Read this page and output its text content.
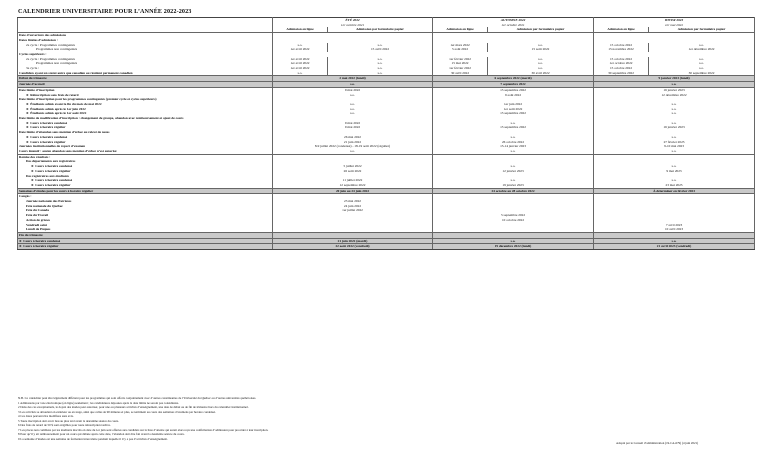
CALENDRIER UNIVERSITAIRE POUR L’ANNÉE 2022-2023
	ÉTÉ 2022		AUTOMNE 2022		HIVER 2023	
	1er octobre 2021		1er octobre 2021		1er mai 2022	
	Admission en ligne	Admission par formulaire papier	Admission en ligne	Admission par formulaire papier	Admission en ligne	Admission par formulaire papier
Date d’ouverture des admissions						
Dates limites d’admission :						
2e cycle : Programmes contingentés	s.o.	s.o.	1er mars 2022	s.o.	15 octobre 2022	s.o.
Programmes non contingentés	1er avril 2022	15 avril 2022	5 août 2022	15 août 2022	15 novembre 2022	1er décembre 2022
Cycles supérieurs :						
2e cycle : Programmes contingentés	1er avril 2022	s.o.	1er février 2022	s.o.	15 octobre 2022	s.o.
Programmes non contingentés	1er avril 2022	s.o.	15 mai 2022	s.o.	1er octobre 2022	s.o.
3e cycle :	1er avril 2022	s.o.	1er février 2022	s.o.	15 octobre 2022	s.o.
Candidats ayant un statut autre que canadien ou résident permanent canadien	s.o.	s.o.	30 avril 2022	30 avril 2022	30 septembre 2022	30 septembre 2022
Début du trimestre	2 mai 2022 (lundi)		6 septembre 2022 (mardi)		9 janvier 2023 (lundi)	
Journée d’accueil	s.o.		7 septembre 2022		s.o.	
Date limite d’inscription	9 mai 2022		13 septembre 2022		16 janvier 2023	
► Réinscription sans frais de retard	s.o.		9 août 2022		12 décembre 2022	
Date limite d’inscription pour les programmes contingentés (premier cycle et cycles supérieurs)						
► Étudiants admis avant la fin du mois de mai 2022	s.o.		1er juin 2022		s.o.	
► Étudiants admis après le 1er juin 2022	s.o.		1er août 2022		s.o.	
► Étudiants admis après le 1er août 2022	s.o.		13 septembre 2022		s.o.	
Date limite de modification d’inscription : changement de groupe, abandon avec remboursement et ajout de cours						
► Cours à horaire condensé	9 mai 2022		s.o.		s.o.	
► Cours à horaire régulier	9 mai 2022		13 septembre 2022		16 janvier 2023	
Date limite d’abandon sans mention d’échec au relevé de notes						
► Cours à horaire condensé	26 mai 2022		s.o.		s.o.	
► Cours à horaire régulier	21 juin 2022		26 octobre 2022		27 février 2023	
Journées institutionnelles de report d’examen	8-9 juillet 2022 (condensé) - 18-19 août 2022 (régulier)		13-14 janvier 2023		9-10 mai 2023	
Cours intensif : aucun abandon sans mention d’échec n’est autorisé	s.o.		s.o.		s.o.	
Remise des résultats :						
Des départements aux registraires						
► Cours à horaire condensé	5 juillet 2022		s.o.		s.o.	
► Cours à horaire régulier	26 août 2022		12 janvier 2023		9 mai 2023	
Des registraires aux étudiants						
► Cours à horaire condensé	11 juillet 2022		s.o.		s.o.	
► Cours à horaire régulier	12 septembre 2022		19 janvier 2023		23 mai 2023	
Semaines d’études pour les cours à horaire régulier	20 juin au 24 juin 2022		24 octobre au 28 octobre 2022		À déterminer en février 2023	
Congés :						
Journée nationale des Patriotes	23 mai 2022					
Fête nationale du Québec	24 juin 2022					
Fête du Canada	1er juillet 2022					
Fête du Travail			5 septembre 2022			
Action de grâces			10 octobre 2022			
Vendredi saint					7 avril 2023	
Lundi de Pâques					10 avril 2023	
Fin du trimestre						
► Cours à horaire condensé	21 juin 2022 (mardi)		s.o.		s.o.	
► Cours à horaire régulier	22 août 2022 (vendredi)		19 décembre 2022 (lundi)		21 avril 2023 (vendredi)	
N.B. Ce calendrier peut être légèrement différent pour les programmes qui sont offerts conjointement avec d’autres constituantes de l’Université du Québec ou d’autres universités québécoises.
1 Admissions par voie électronique (en ligne) seulement ; les candidatures déposées après la date limite ne seront pas considérées.
2 Dans des cas exceptionnels, le doyen des études peut autoriser, pour une ou plusieurs activités d’enseignement, une date de début ou de fin de trimestre hors du calendrier institutionnel.
3 Les activités se déroulant en extérieur ou en stage, ainsi que celles de 90 minutes et plus, se terminent au cours des semaines d’examens par horaire condensé.
4 Ces dates peuvent être modifiées sans avis.
5 Toute inscription doit avoir lieu au plus tard avant la deuxième séance du cours.
6 Des frais de retard de 50 $ sont exigibles pour toute réinscription tardive.
7 Les places non comblées par les étudiants inscrits en date du 1er juin sont offertes aux candidats sur la liste d’attente qui aurait alors reçu une confirmation d’admission pour procéder à leur inscription.
8 Pour qu’il y ait remboursement pour un cours qui débute après cette date, l’abandon doit être fait avant la deuxième séance du cours.
9 La semaine d’études est une semaine de formation intercalaire pendant laquelle il n’y a pas d’activités d’enseignement.
Adopté par le Conseil d’administration (19-CA-679) (4 juin 2021)
